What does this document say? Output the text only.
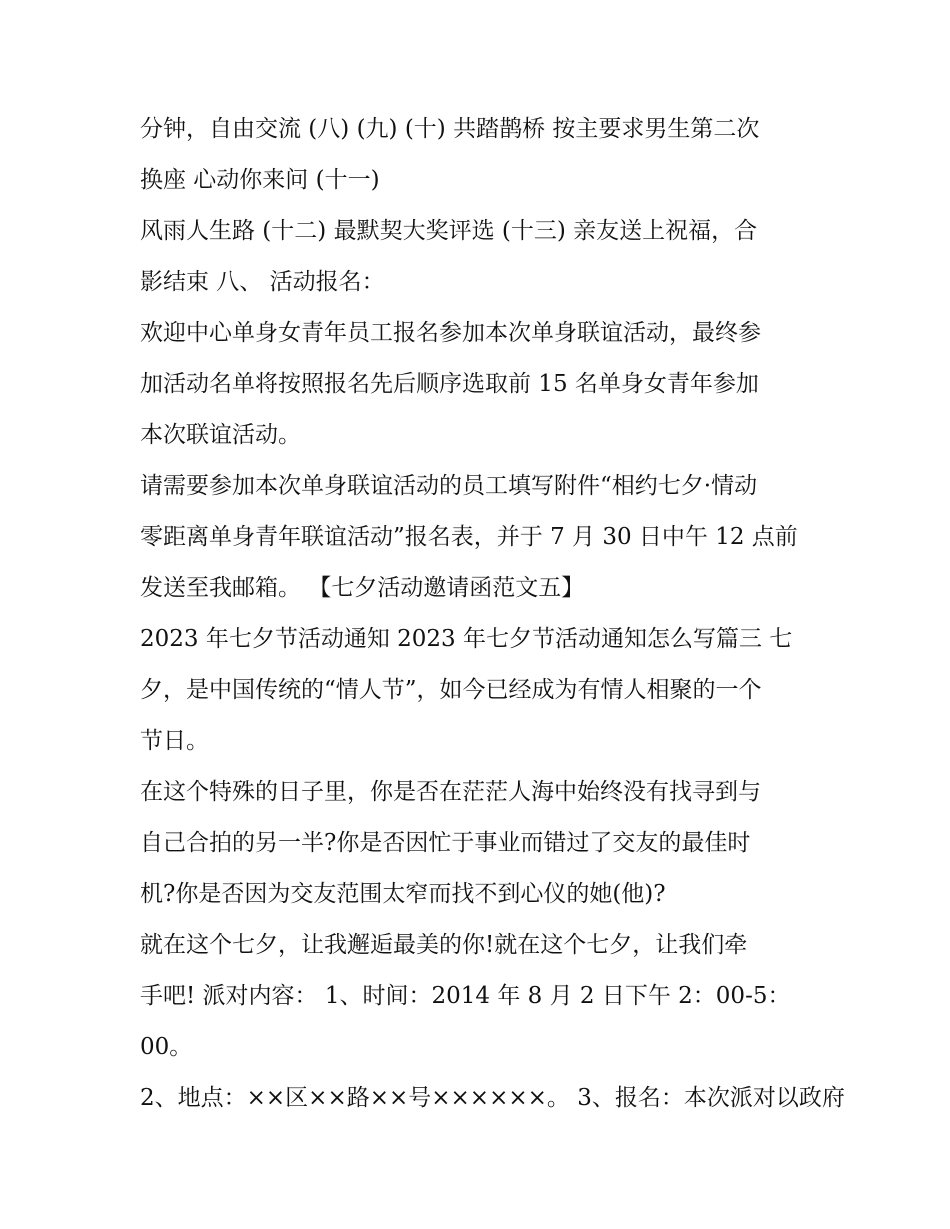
分钟，自由交流 (八) (九) (十) 共踏鹊桥 按主要求男生第二次
换座 心动你来问 (十一)
风雨人生路 (十二) 最默契大奖评选 (十三) 亲友送上祝福，合
影结束 八、 活动报名：
欢迎中心单身女青年员工报名参加本次单身联谊活动，最终参
加活动名单将按照报名先后顺序选取前 15 名单身女青年参加
本次联谊活动。
请需要参加本次单身联谊活动的员工填写附件“相约七夕·情动
零距离单身青年联谊活动”报名表，并于 7 月 30 日中午 12 点前
发送至我邮箱。 【七夕活动邀请函范文五】
2023 年七夕节活动通知 2023 年七夕节活动通知怎么写篇三 七
夕，是中国传统的“情人节”，如今已经成为有情人相聚的一个
节日。
在这个特殊的日子里，你是否在茫茫人海中始终没有找寻到与
自己合拍的另一半?你是否因忙于事业而错过了交友的最佳时
机?你是否因为交友范围太窄而找不到心仪的她(他)?
就在这个七夕，让我邂逅最美的你!就在这个七夕，让我们牵
手吧! 派对内容： 1、时间：2014 年 8 月 2 日下午 2：00-5：
00。
2、地点：××区××路××号××××××。 3、报名：本次派对以政府
